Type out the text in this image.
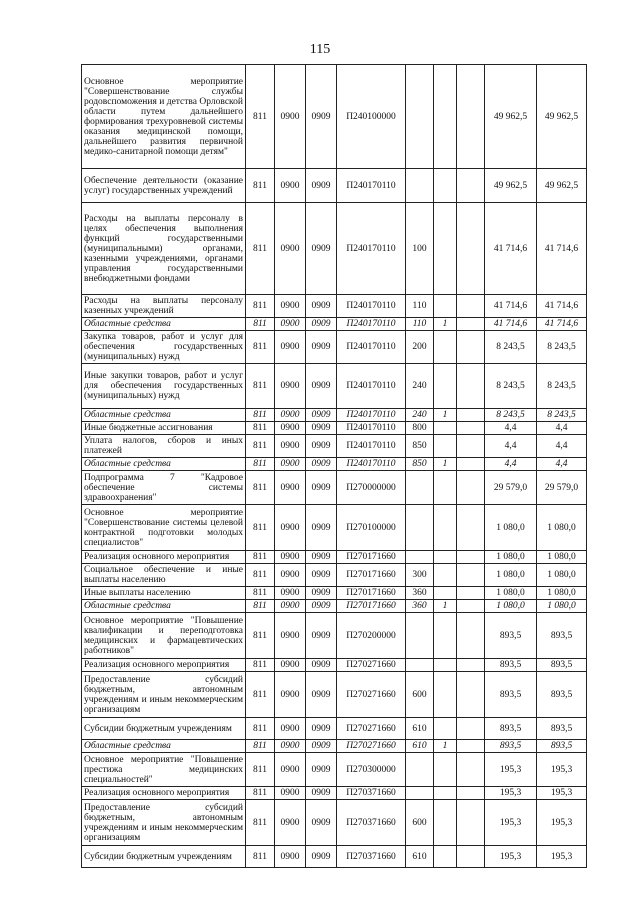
115
Основное мероприятие "Совершенствование службы родовспоможения и детства Орловской области путем дальнейшего формирования трехуровневой системы оказания медицинской помощи, дальнейшего развития первичной медико-санитарной помощи детям"	811	0900	0909	П240100000				49 962,5	49 962,5
Обеспечение деятельности (оказание услуг) государственных учреждений	811	0900	0909	П240170110				49 962,5	49 962,5
Расходы на выплаты персоналу в целях обеспечения выполнения функций государственными (муниципальными) органами, казенными учреждениями, органами управления государственными внебюджетными фондами	811	0900	0909	П240170110	100			41 714,6	41 714,6
Расходы на выплаты персоналу казенных учреждений	811	0900	0909	П240170110	110			41 714,6	41 714,6
Областные средства	811	0900	0909	П240170110	110	1		41 714,6	41 714,6
Закупка товаров, работ и услуг для обеспечения государственных (муниципальных) нужд	811	0900	0909	П240170110	200			8 243,5	8 243,5
Иные закупки товаров, работ и услуг для обеспечения государственных (муниципальных) нужд	811	0900	0909	П240170110	240			8 243,5	8 243,5
Областные средства	811	0900	0909	П240170110	240	1		8 243,5	8 243,5
Иные бюджетные ассигнования	811	0900	0909	П240170110	800			4,4	4,4
Уплата налогов, сборов и иных платежей	811	0900	0909	П240170110	850			4,4	4,4
Областные средства	811	0900	0909	П240170110	850	1		4,4	4,4
Подпрограмма 7 "Кадровое обеспечение системы здравоохранения"	811	0900	0909	П270000000				29 579,0	29 579,0
Основное мероприятие "Совершенствование системы целевой контрактной подготовки молодых специалистов"	811	0900	0909	П270100000				1 080,0	1 080,0
Реализация основного мероприятия	811	0900	0909	П270171660				1 080,0	1 080,0
Социальное обеспечение и иные выплаты населению	811	0900	0909	П270171660	300			1 080,0	1 080,0
Иные выплаты населению	811	0900	0909	П270171660	360			1 080,0	1 080,0
Областные средства	811	0900	0909	П270171660	360	1		1 080,0	1 080,0
Основное мероприятие "Повышение квалификации и переподготовка медицинских и фармацевтических работников"	811	0900	0909	П270200000				893,5	893,5
Реализация основного мероприятия	811	0900	0909	П270271660				893,5	893,5
Предоставление субсидий бюджетным, автономным учреждениям и иным некоммерческим организациям	811	0900	0909	П270271660	600			893,5	893,5
Субсидии бюджетным учреждениям	811	0900	0909	П270271660	610			893,5	893,5
Областные средства	811	0900	0909	П270271660	610	1		893,5	893,5
Основное мероприятие "Повышение престижа медицинских специальностей"	811	0900	0909	П270300000				195,3	195,3
Реализация основного мероприятия	811	0900	0909	П270371660				195,3	195,3
Предоставление субсидий бюджетным, автономным учреждениям и иным некоммерческим организациям	811	0900	0909	П270371660	600			195,3	195,3
Субсидии бюджетным учреждениям	811	0900	0909	П270371660	610			195,3	195,3
